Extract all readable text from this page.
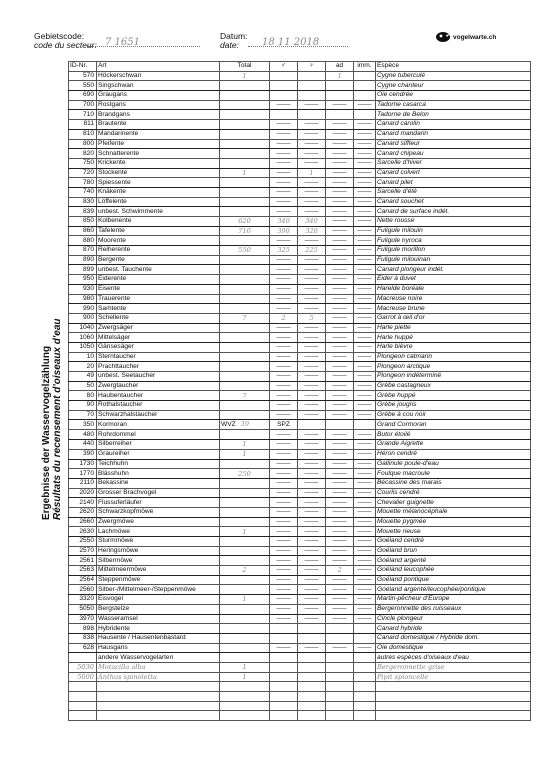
Gebietscode:
code du secteur: 7 1651
Datum:
date:	18 11 2018	vogelwarte.ch
Ergebnisse der Wasservogelzählung Résultats du recensement d'oiseaux d'eau
ID-Nr.	Art	Total	♂	♀	ad	imm.	Espèce
570	Höckerschwan	1			1		Cygne tuberculé
550	Singschwan						Cygne chanteur
690	Graugans						Oie cendrée
700	Rostgans		——	——	——	——	Tadorne casarca
710	Brandgans						Tadorne de Belon
811	Brautente		——	——	——	——	Canard carolin
810	Mandarinente		——	——	——	——	Canard mandarin
800	Pfeifente		——	——	——	——	Canard siffleur
820	Schnatterente		——	——	——	——	Canard chipeau
750	Krickente		——	——	——	——	Sarcelle d'hiver
720	Stockente	1	——	1	——	——	Canard colvert
780	Spiessente		——	——	——	——	Canard pilet
740	Knäkente		——	——	——	——	Sarcelle d'été
830	Löffelente		——	——	——	——	Canard souchet
839	unbest. Schwimmente		——	——	——	——	Canard de surface indét.
850	Kolbenente	620	340	340	——	——	Nette rousse
860	Tafelente	710	390	320	——	——	Fuligule milouin
880	Moorente		——	——	——	——	Fuligule nyroca
870	Reiherente	550	325	225	——	——	Fuligule morillon
890	Bergente		——	——	——	——	Fuligule milouinan
899	unbest. Tauchente		——	——	——	——	Canard plongeur indét.
950	Eiderente		——	——	——	——	Eider à duvet
930	Eisente		——	——	——	——	Harelde boréale
980	Trauerente		——	——	——	——	Macreuse noire
990	Samtente		——	——	——	——	Macreuse brune
900	Schellente	7	2	5	——	——	Garrot à œil d'or
1040	Zwergsäger		——	——	——	——	Harle piette
1060	Mittelsäger		——	——	——	——	Harle huppé
1050	Gänsesäger		——	——	——	——	Harle bièvre
10	Sterntaucher		——	——	——	——	Plongeon catmarin
20	Prachttaucher		——	——	——	——	Plongeon arctique
49	unbest. Seetaucher		——	——	——	——	Plongeon indéterminé
50	Zwergtaucher		——	——	——	——	Grèbe castagneux
80	Haubentaucher	7	——	——	——	——	Grèbe huppé
90	Rothalstaucher		——	——	——	——	Grèbe jougris
70	Schwarzhalstaucher		——	——	——	——	Grèbe à cou noir
350	Kormoran	WVZ 39	SPZ				Grand Cormoran
480	Rohrdommel		——	——	——	——	Butor étoilé
440	Silberreiher	1	——	——	——	——	Grande Aigrette
390	Graureiher	1	——	——	——	——	Héron cendré
1730	Teichhuhn		——	——	——	——	Gallinule poule-d'eau
1770	Blässhuhn	250	——	——	——	——	Foulque macroule
2110	Bekassine		——	——	——	——	Bécassine des marais
2020	Grosser Brachvogel		——	——	——	——	Courlis cendré
2140	Flussuferläufer		——	——	——	——	Chevalier guignette
2620	Schwarzkopfmöwe		——	——	——	——	Mouette mélanocéphale
2660	Zwergmöwe		——	——	——	——	Mouette pygmée
2630	Lachmöwe	1	——	——	——	——	Mouette rieuse
2550	Sturmmöwe		——	——	——	——	Goéland cendré
2570	Heringsmöwe		——	——	——	——	Goéland brun
2561	Silbermöwe		——	——	——	——	Goéland argenté
2563	Mittelmeermöwe	2	——	——	2	——	Goéland leucophée
2564	Steppenmöwe		——	——	——	——	Goéland pontique
2560	Silber-/Mittelmeer-/Steppenmöwe		——	——	——	——	Goéland argenté/leucophée/pontique
3320	Eisvogel	1	——	——	——	——	Martin-pêcheur d'Europe
5050	Bergstelze		——	——	——	——	Bergeronnette des ruisseaux
3970	Wasseramsel		——	——	——	——	Cincle plongeur
898	Hybridente						Canard hybride
838	Hausente / Hausentenbastard						Canard domestique / Hybride dom.
628	Hausgans		——	——	——	——	Oie domestique
	andere Wasservogelarten						autres espèces d'oiseaux d'eau
5030	Motacilla alba	1					Bergeronnette grise
5000	Anthus spinoletta	1					Pipit spioncelle
